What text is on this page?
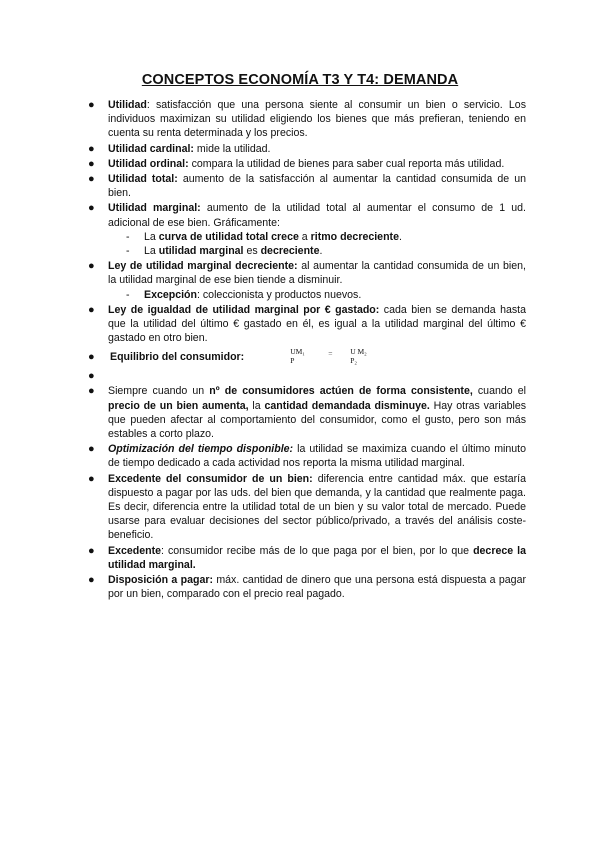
CONCEPTOS ECONOMÍA T3 Y T4: DEMANDA
● Utilidad: satisfacción que una persona siente al consumir un bien o servicio. Los individuos maximizan su utilidad eligiendo los bienes que más prefieran, teniendo en cuenta su renta determinada y los precios.
● Utilidad cardinal: mide la utilidad.
● Utilidad ordinal: compara la utilidad de bienes para saber cual reporta más utilidad.
● Utilidad total: aumento de la satisfacción al aumentar la cantidad consumida de un bien.
● Utilidad marginal: aumento de la utilidad total al aumentar el consumo de 1 ud. adicional de ese bien. Gráficamente:
- La curva de utilidad total crece a ritmo decreciente.
- La utilidad marginal es decreciente.
● Ley de utilidad marginal decreciente: al aumentar la cantidad consumida de un bien, la utilidad marginal de ese bien tiende a disminuir.
- Excepción: coleccionista y productos nuevos.
● Ley de igualdad de utilidad marginal por € gastado: cada bien se demanda hasta que la utilidad del último € gastado en él, es igual a la utilidad marginal del último € gastado en otro bien.
● Equilibrio del consumidor:	UM₁
P
= U M₂
P₂
●
● Siempre cuando un nº de consumidores actúen de forma consistente, cuando el precio de un bien aumenta, la cantidad demandada disminuye. Hay otras variables que pueden afectar al comportamiento del consumidor, como el gusto, pero son más estables a corto plazo.
● Optimización del tiempo disponible: la utilidad se maximiza cuando el último minuto de tiempo dedicado a cada actividad nos reporta la misma utilidad marginal.
● Excedente del consumidor de un bien: diferencia entre cantidad máx. que estaría dispuesto a pagar por las uds. del bien que demanda, y la cantidad que realmente paga. Es decir, diferencia entre la utilidad total de un bien y su valor total de mercado. Puede usarse para evaluar decisiones del sector público/privado, a través del análisis coste-beneficio.
● Excedente: consumidor recibe más de lo que paga por el bien, por lo que decrece la utilidad marginal.
● Disposición a pagar: máx. cantidad de dinero que una persona está dispuesta a pagar por un bien, comparado con el precio real pagado.
